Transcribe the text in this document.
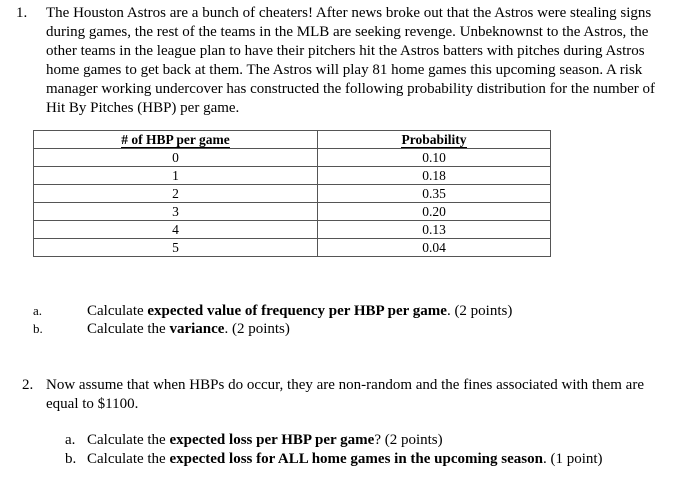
1. The Houston Astros are a bunch of cheaters! After news broke out that the Astros were stealing signs during games, the rest of the teams in the MLB are seeking revenge. Unbeknownst to the Astros, the other teams in the league plan to have their pitchers hit the Astros batters with pitches during Astros home games to get back at them. The Astros will play 81 home games this upcoming season. A risk manager working undercover has constructed the following probability distribution for the number of Hit By Pitches (HBP) per game.
# of HBP per game	Probability
0	0.10
1	0.18
2	0.35
3	0.20
4	0.13
5	0.04
a.	Calculate expected value of frequency per HBP per game. (2 points)
b.	Calculate the variance. (2 points)
2. Now assume that when HBPs do occur, they are non-random and the fines associated with them are equal to $1100.
a. Calculate the expected loss per HBP per game? (2 points)
b. Calculate the expected loss for ALL home games in the upcoming season. (1 point)
